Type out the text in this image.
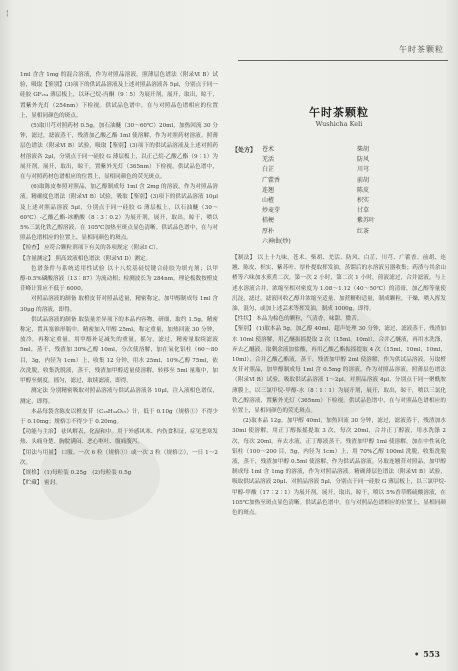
¦
午时茶颗粒

1ml 含含 1mg 的混合溶液，作为对照品溶液。照薄层色谱法（附录Ⅵ B）试验，吸取【鉴别】(3)项下的供试品溶液及上述对照品溶液各 5μl，分别点于同一硅胶 GF₂₅₄ 薄层板上，以环己烷-丙酮（9∶5）为展开剂，展开，取出，晾干，置紫外光灯（254nm）下检视。供试品色谱中，在与对照品色谱相应的位置上，显相同颜色的斑点。

(5)取川芎对照药材 0.5g，加石油醚（30～60℃）20ml，加热回流 30 分钟，滤过，滤液蒸干，残渣加乙酸乙酯 1ml 使溶解，作为对照药材溶液。照薄层色谱法（附录Ⅵ B）试验，吸取【鉴别】(3)项下的供试品溶液及上述对照药材溶液各 2μl，分别点于同一硅胶 G 薄层板上，以正己烷-乙酸乙酯（9∶1）为展开剂，展开，取出，晾干，置紫外光灯（365nm）下检视。供试品色谱中，在与对照药材色谱相应的位置上，显相同颜色的荧光斑点。

(6)取陈皮参照对照品，加乙醇制成每 1ml 含 2mg 的溶液，作为对照品溶液。精确度色谱法（附录Ⅵ B）试验，吸取【鉴别】(3)项下的供试品溶液 10μl 及上述对照品溶液 5μl，分别点于同一硅胶 G 薄层板上，以石油醚（30～60℃）-乙酸乙酯-冰醋酸（8∶3∶0.2）为展开剂，展开，取出，晾干，喷以 5%三氯化铁乙醇溶液，在 105℃加热至斑点显色清晰。供试品色谱中，在与对照品色谱相应的位置上，显相同颜色的斑点。

【检查】 应符合颗粒剂项下有关的各项规定（附录Ⅰ C）。

【含量测定】 照高效液相色谱法（附录Ⅵ D）测定。

色谱条件与系统适用性试验 以十八烷基硅烷键合硅胶为填充剂；以甲醇-0.5%磷酸溶液（13∶87）为流动相；检测波长为 284nm。理论板数按橙皮苷峰计算应不低于 6000。

对照品溶液的制备 取橙皮苷对照品适量，精密称定，加甲醇制成每 1ml 含 30μg 的溶液，即得。

供试品溶液的制备 取装量差异项下的本品内容物，研细，取约 1.5g，精密称定，置具塞锥形瓶中，精密加入甲醇 25ml，称定重量，加热回流 30 分钟，放冷，再称定重量，用甲醇补足减失的重量，摇匀，滤过，精密量取续滤液 5ml，蒸干，残渣加 30%乙醇 10ml，分次使溶解，加在氧化铝柱（60～80 目，3g，内径为 1cm）上，收集 12 分钟，用水 25ml、10%乙醇 75ml，依次洗脱，收集洗脱液，蒸干，残渣加甲醇适量使溶解，转移至 5ml 量瓶中，加甲醇至刻度，摇匀，滤过，取续滤液，即得。

测定法 分别精密吸取对照品溶液与供试品溶液各 10μl，注入液相色谱仪，测定，即得。

本品每袋含陈皮以橙皮苷（C₂₈H₃₄O₁₅）计，低于 0.10g（规格①）不得少于 0.10mg；规格②不得少于 0.20mg。

【功能与主治】 祛风解表，化湿和中。用于外感风寒、内伤食积证，症见恶寒发热、头痛身楚、胸脘满闷、恶心呕吐、腹痛腹泻。

【用法与用量】 口服。一次 6 粒（规格①）或一次 3 粒（规格②），一日 1～2 次。

【规格】 (1)每粒装 0.25g　(2)每粒装 0.5g

【贮藏】 密封。

午时茶颗粒
Wushicha Keli
【处方】 苍术	柴胡
羌活	防风
白芷	川芎
广藿香	前胡
连翘	陈皮
山楂	枳实
炒麦芽	甘草
桔梗	紫苏叶
厚朴	红茶
六神曲(炒)

【制法】 以上十九味，苍术、柴胡、羌活、防风、白芷、川芎、广藿香、前胡、连翘、陈皮、枳实、紫苏叶、厚朴提取挥发油，蒸馏后的水溶液另器收集；药渣与其余山楂等六味加水煎煮二次，第一次 2 小时，第二次 1 小时，煎液滤过，合并滤液，与上述水溶液合并，浓缩至相对密度为 1.08～1.12（40～50℃）的清膏，加乙醇等量使沉淀，滤过，滤液回收乙醇并浓缩至适量，加蔗糖粉适量，制成颗粒，干燥，喷入挥发油，混匀，或加上述芸术等挥发油，制成 1000g，即得。

【性状】 本品为棕色的颗粒，气清香，味甜、微苦。

【鉴别】 (1)取本品 5g，加乙醇 40ml，超声处理 30 分钟，滤过，滤液蒸干，残渣加水 10ml 使溶解，用乙醚振摇提取 2 次（15ml，10ml），合并乙醚液，再用水洗涤，弃去乙醚液，取剩余液加盐酸，再用乙酸乙酯振摇提取 4 次（15ml，10ml，10ml，10ml），合并乙酸乙酯液，蒸干，残渣加甲醇 2ml 使溶解，作为供试品溶液。另取橙皮苷对照品，加甲醇制成每 1ml 含 0.5mg 的溶液，作为对照品溶液。照薄层色谱法（附录Ⅵ B）试验，吸取供试品溶液 1～2μl，对照品溶液 4μl，分别点于同一聚酰胺薄膜上，以三氯甲烷-甲醇-水（8∶1∶1）为展开剂，展开，取出，晾干，喷以三氯化铁乙醇溶液，置紫外光灯（365nm）下检视。供试品色谱中，在与对照品色谱相应的位置上，显相同颜色的荧光斑点。

(2)取本品 12g，加甲醇 40ml，加热回流 30 分钟，滤过，滤液蒸干，残渣加水 30ml 使溶解，用正丁醇振摇提取 3 次，每次 20ml，合并正丁醇液，用水洗涤 2 次，每次 20ml，弃去水液，正丁醇液蒸干，残渣加甲醇 1ml 使溶解，加在中性氧化铝柱（100～200 目，5g，内径为 1cm）上，用 70%乙醇 100ml 洗脱，收集洗脱液，蒸干，残渣加甲醇 0.5ml 使溶解，作为供试品溶液。另取连翘苷对照品，加甲醇制成每 1ml 含 1mg 的溶液，作为对照品溶液。精确薄层色谱法（附录Ⅵ B）试验，吸取供试品溶液 20μl、对照品溶液 5μl，分别点于同一硅胶 G 薄层板上，以三氯甲烷-甲醇-甲酸（17∶2∶1）为展开剂，展开，取出，晾干，喷以 5%香草醛硫酸溶液，在 105℃加热至斑点显色清晰。供试品色谱中，在与对照品色谱相应的位置上，显相同颜色的斑点。

• 553
